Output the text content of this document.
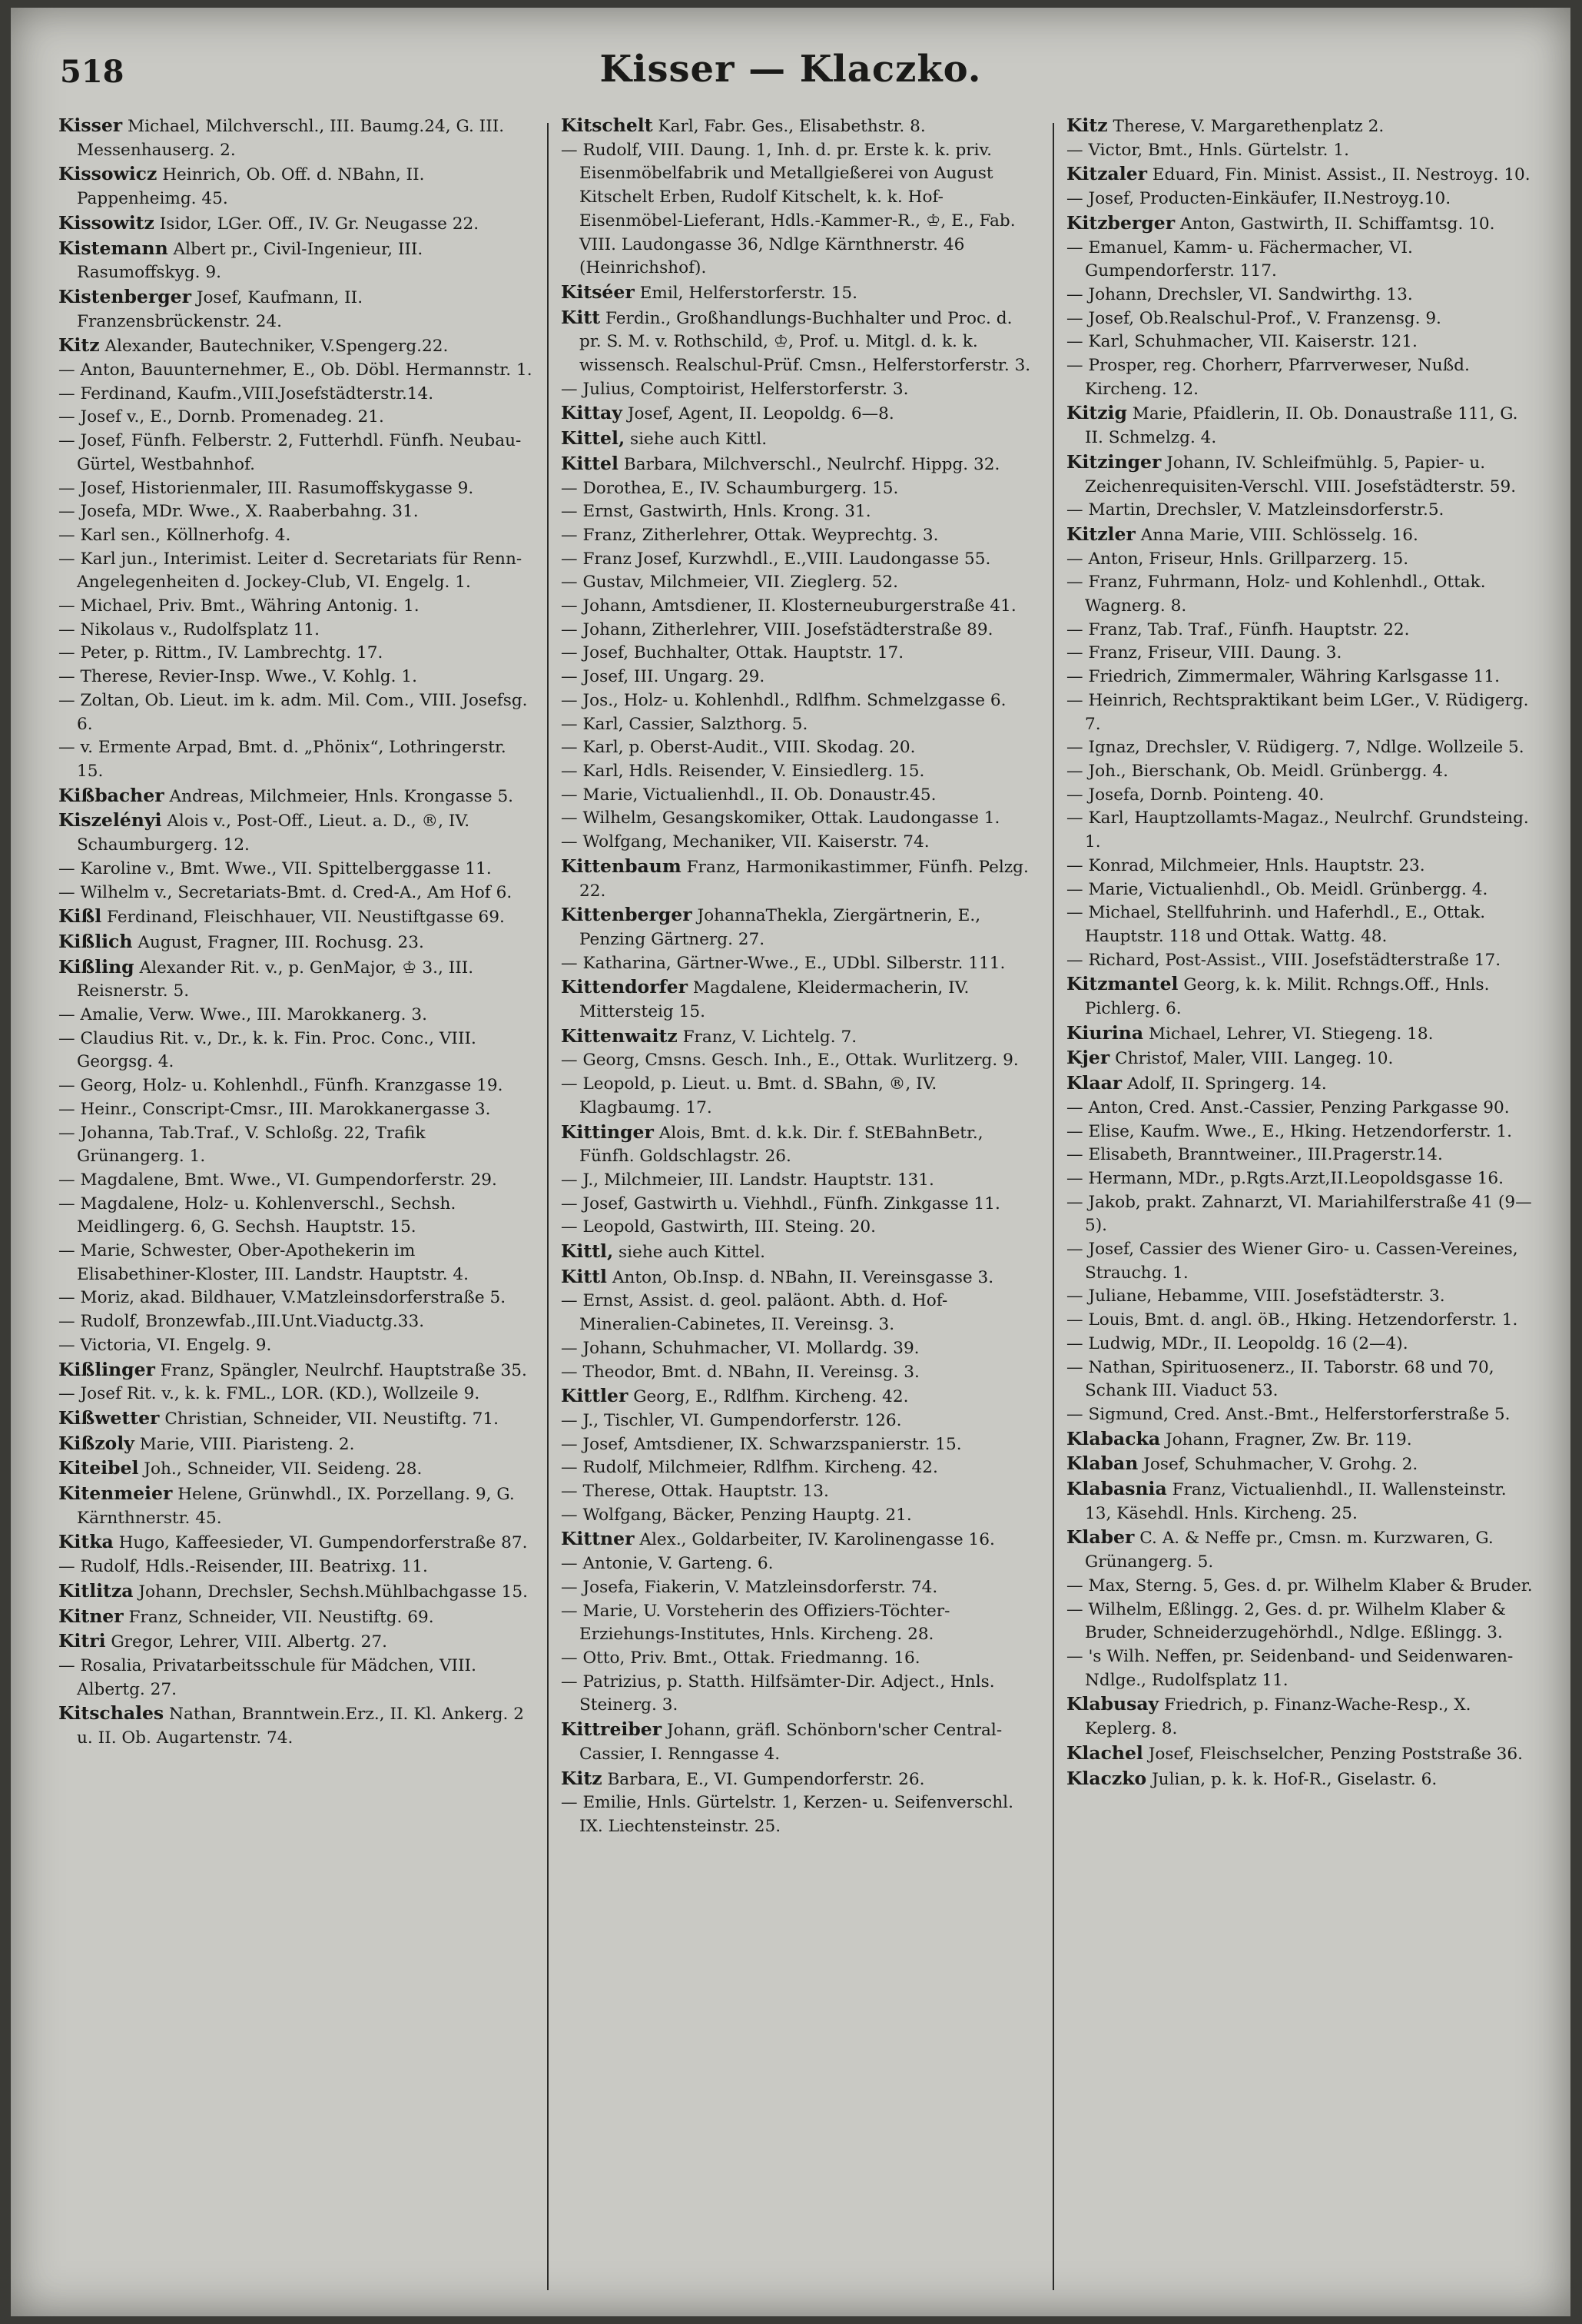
518	Kisser — Klaczko.

Kisser Michael, Milchverschl., III. Baumg.24, G. III. Messenhauserg. 2.

Kissowicz Heinrich, Ob. Off. d. NBahn, II. Pappenheimg. 45.

Kissowitz Isidor, LGer. Off., IV. Gr. Neugasse 22.

Kistemann Albert pr., Civil-Ingenieur, III. Rasumoffskyg. 9.

Kistenberger Josef, Kaufmann, II. Franzensbrückenstr. 24.

Kitz Alexander, Bautechniker, V.Spengerg.22.

— Anton, Bauunternehmer, E., Ob. Döbl. Hermannstr. 1.

— Ferdinand, Kaufm.,VIII.Josefstädterstr.14.

— Josef v., E., Dornb. Promenadeg. 21.

— Josef, Fünfh. Felberstr. 2, Futterhdl. Fünfh. Neubau-Gürtel, Westbahnhof.

— Josef, Historienmaler, III. Rasumoffskygasse 9.

— Josefa, MDr. Wwe., X. Raaberbahng. 31.

— Karl sen., Köllnerhofg. 4.

— Karl jun., Interimist. Leiter d. Secretariats für Renn-Angelegenheiten d. Jockey-Club, VI. Engelg. 1.

— Michael, Priv. Bmt., Währing Antonig. 1.

— Nikolaus v., Rudolfsplatz 11.

— Peter, p. Rittm., IV. Lambrechtg. 17.

— Therese, Revier-Insp. Wwe., V. Kohlg. 1.

— Zoltan, Ob. Lieut. im k. adm. Mil. Com., VIII. Josefsg. 6.

— v. Ermente Arpad, Bmt. d. „Phönix“, Lothringerstr. 15.

Kißbacher Andreas, Milchmeier, Hnls. Krongasse 5.

Kiszelényi Alois v., Post-Off., Lieut. a. D., ®, IV. Schaumburgerg. 12.

— Karoline v., Bmt. Wwe., VII. Spittelberggasse 11.

— Wilhelm v., Secretariats-Bmt. d. Cred-A., Am Hof 6.

Kißl Ferdinand, Fleischhauer, VII. Neustiftgasse 69.

Kißlich August, Fragner, III. Rochusg. 23.

Kißling Alexander Rit. v., p. GenMajor, ♔ 3., III. Reisnerstr. 5.

— Amalie, Verw. Wwe., III. Marokkanerg. 3.

— Claudius Rit. v., Dr., k. k. Fin. Proc. Conc., VIII. Georgsg. 4.

— Georg, Holz- u. Kohlenhdl., Fünfh. Kranzgasse 19.

— Heinr., Conscript-Cmsr., III. Marokkanergasse 3.

— Johanna, Tab.Traf., V. Schloßg. 22, Trafik Grünangerg. 1.

— Magdalene, Bmt. Wwe., VI. Gumpendorferstr. 29.

— Magdalene, Holz- u. Kohlenverschl., Sechsh. Meidlingerg. 6, G. Sechsh. Hauptstr. 15.

— Marie, Schwester, Ober-Apothekerin im Elisabethiner-Kloster, III. Landstr. Hauptstr. 4.

— Moriz, akad. Bildhauer, V.Matzleinsdorferstraße 5.

— Rudolf, Bronzewfab.,III.Unt.Viaductg.33.

— Victoria, VI. Engelg. 9.

Kißlinger Franz, Spängler, Neulrchf. Hauptstraße 35.

— Josef Rit. v., k. k. FML., LOR. (KD.), Wollzeile 9.

Kißwetter Christian, Schneider, VII. Neustiftg. 71.

Kißzoly Marie, VIII. Piaristeng. 2.

Kiteibel Joh., Schneider, VII. Seideng. 28.

Kitenmeier Helene, Grünwhdl., IX. Porzellang. 9, G. Kärnthnerstr. 45.

Kitka Hugo, Kaffeesieder, VI. Gumpendorferstraße 87.

— Rudolf, Hdls.-Reisender, III. Beatrixg. 11.

Kitlitza Johann, Drechsler, Sechsh.Mühlbachgasse 15.

Kitner Franz, Schneider, VII. Neustiftg. 69.

Kitri Gregor, Lehrer, VIII. Albertg. 27.

— Rosalia, Privatarbeitsschule für Mädchen, VIII. Albertg. 27.

Kitschales Nathan, Branntwein.Erz., II. Kl. Ankerg. 2 u. II. Ob. Augartenstr. 74.

Kitschelt Karl, Fabr. Ges., Elisabethstr. 8.

— Rudolf, VIII. Daung. 1, Inh. d. pr. Erste k. k. priv. Eisenmöbelfabrik und Metallgießerei von August Kitschelt Erben, Rudolf Kitschelt, k. k. Hof-Eisenmöbel-Lieferant, Hdls.-Kammer-R., ♔, E., Fab. VIII. Laudongasse 36, Ndlge Kärnthnerstr. 46 (Heinrichshof).

Kitséer Emil, Helferstorferstr. 15.

Kitt Ferdin., Großhandlungs-Buchhalter und Proc. d. pr. S. M. v. Rothschild, ♔, Prof. u. Mitgl. d. k. k. wissensch. Realschul-Prüf. Cmsn., Helferstorferstr. 3.

— Julius, Comptoirist, Helferstorferstr. 3.

Kittay Josef, Agent, II. Leopoldg. 6—8.

Kittel, siehe auch Kittl.

Kittel Barbara, Milchverschl., Neulrchf. Hippg. 32.

— Dorothea, E., IV. Schaumburgerg. 15.

— Ernst, Gastwirth, Hnls. Krong. 31.

— Franz, Zitherlehrer, Ottak. Weyprechtg. 3.

— Franz Josef, Kurzwhdl., E.,VIII. Laudongasse 55.

— Gustav, Milchmeier, VII. Zieglerg. 52.

— Johann, Amtsdiener, II. Klosterneuburgerstraße 41.

— Johann, Zitherlehrer, VIII. Josefstädterstraße 89.

— Josef, Buchhalter, Ottak. Hauptstr. 17.

— Josef, III. Ungarg. 29.

— Jos., Holz- u. Kohlenhdl., Rdlfhm. Schmelzgasse 6.

— Karl, Cassier, Salzthorg. 5.

— Karl, p. Oberst-Audit., VIII. Skodag. 20.

— Karl, Hdls. Reisender, V. Einsiedlerg. 15.

— Marie, Victualienhdl., II. Ob. Donaustr.45.

— Wilhelm, Gesangskomiker, Ottak. Laudongasse 1.

— Wolfgang, Mechaniker, VII. Kaiserstr. 74.

Kittenbaum Franz, Harmonikastimmer, Fünfh. Pelzg. 22.

Kittenberger JohannaThekla, Ziergärtnerin, E., Penzing Gärtnerg. 27.

— Katharina, Gärtner-Wwe., E., UDbl. Silberstr. 111.

Kittendorfer Magdalene, Kleidermacherin, IV. Mittersteig 15.

Kittenwaitz Franz, V. Lichtelg. 7.

— Georg, Cmsns. Gesch. Inh., E., Ottak. Wurlitzerg. 9.

— Leopold, p. Lieut. u. Bmt. d. SBahn, ®, IV. Klagbaumg. 17.

Kittinger Alois, Bmt. d. k.k. Dir. f. StEBahnBetr., Fünfh. Goldschlagstr. 26.

— J., Milchmeier, III. Landstr. Hauptstr. 131.

— Josef, Gastwirth u. Viehhdl., Fünfh. Zinkgasse 11.

— Leopold, Gastwirth, III. Steing. 20.

Kittl, siehe auch Kittel.

Kittl Anton, Ob.Insp. d. NBahn, II. Vereinsgasse 3.

— Ernst, Assist. d. geol. paläont. Abth. d. Hof-Mineralien-Cabinetes, II. Vereinsg. 3.

— Johann, Schuhmacher, VI. Mollardg. 39.

— Theodor, Bmt. d. NBahn, II. Vereinsg. 3.

Kittler Georg, E., Rdlfhm. Kircheng. 42.

— J., Tischler, VI. Gumpendorferstr. 126.

— Josef, Amtsdiener, IX. Schwarzspanierstr. 15.

— Rudolf, Milchmeier, Rdlfhm. Kircheng. 42.

— Therese, Ottak. Hauptstr. 13.

— Wolfgang, Bäcker, Penzing Hauptg. 21.

Kittner Alex., Goldarbeiter, IV. Karolinengasse 16.

— Antonie, V. Garteng. 6.

— Josefa, Fiakerin, V. Matzleinsdorferstr. 74.

— Marie, U. Vorsteherin des Offiziers-Töchter-Erziehungs-Institutes, Hnls. Kircheng. 28.

— Otto, Priv. Bmt., Ottak. Friedmanng. 16.

— Patrizius, p. Statth. Hilfsämter-Dir. Adject., Hnls. Steinerg. 3.

Kittreiber Johann, gräfl. Schönborn'scher Central-Cassier, I. Renngasse 4.

Kitz Barbara, E., VI. Gumpendorferstr. 26.

— Emilie, Hnls. Gürtelstr. 1, Kerzen- u. Seifenverschl. IX. Liechtensteinstr. 25.

Kitz Therese, V. Margarethenplatz 2.

— Victor, Bmt., Hnls. Gürtelstr. 1.

Kitzaler Eduard, Fin. Minist. Assist., II. Nestroyg. 10.

— Josef, Producten-Einkäufer, II.Nestroyg.10.

Kitzberger Anton, Gastwirth, II. Schiffamtsg. 10.

— Emanuel, Kamm- u. Fächermacher, VI. Gumpendorferstr. 117.

— Johann, Drechsler, VI. Sandwirthg. 13.

— Josef, Ob.Realschul-Prof., V. Franzensg. 9.

— Karl, Schuhmacher, VII. Kaiserstr. 121.

— Prosper, reg. Chorherr, Pfarrverweser, Nußd. Kircheng. 12.

Kitzig Marie, Pfaidlerin, II. Ob. Donaustraße 111, G. II. Schmelzg. 4.

Kitzinger Johann, IV. Schleifmühlg. 5, Papier- u. Zeichenrequisiten-Verschl. VIII. Josefstädterstr. 59.

— Martin, Drechsler, V. Matzleinsdorferstr.5.

Kitzler Anna Marie, VIII. Schlösselg. 16.

— Anton, Friseur, Hnls. Grillparzerg. 15.

— Franz, Fuhrmann, Holz- und Kohlenhdl., Ottak. Wagnerg. 8.

— Franz, Tab. Traf., Fünfh. Hauptstr. 22.

— Franz, Friseur, VIII. Daung. 3.

— Friedrich, Zimmermaler, Währing Karlsgasse 11.

— Heinrich, Rechtspraktikant beim LGer., V. Rüdigerg. 7.

— Ignaz, Drechsler, V. Rüdigerg. 7, Ndlge. Wollzeile 5.

— Joh., Bierschank, Ob. Meidl. Grünbergg. 4.

— Josefa, Dornb. Pointeng. 40.

— Karl, Hauptzollamts-Magaz., Neulrchf. Grundsteing. 1.

— Konrad, Milchmeier, Hnls. Hauptstr. 23.

— Marie, Victualienhdl., Ob. Meidl. Grünbergg. 4.

— Michael, Stellfuhrinh. und Haferhdl., E., Ottak. Hauptstr. 118 und Ottak. Wattg. 48.

— Richard, Post-Assist., VIII. Josefstädterstraße 17.

Kitzmantel Georg, k. k. Milit. Rchngs.Off., Hnls. Pichlerg. 6.

Kiurina Michael, Lehrer, VI. Stiegeng. 18.

Kjer Christof, Maler, VIII. Langeg. 10.

Klaar Adolf, II. Springerg. 14.

— Anton, Cred. Anst.-Cassier, Penzing Parkgasse 90.

— Elise, Kaufm. Wwe., E., Hking. Hetzendorferstr. 1.

— Elisabeth, Branntweiner., III.Pragerstr.14.

— Hermann, MDr., p.Rgts.Arzt,II.Leopoldsgasse 16.

— Jakob, prakt. Zahnarzt, VI. Mariahilferstraße 41 (9—5).

— Josef, Cassier des Wiener Giro- u. Cassen-Vereines, Strauchg. 1.

— Juliane, Hebamme, VIII. Josefstädterstr. 3.

— Louis, Bmt. d. angl. öB., Hking. Hetzendorferstr. 1.

— Ludwig, MDr., II. Leopoldg. 16 (2—4).

— Nathan, Spirituosenerz., II. Taborstr. 68 und 70, Schank III. Viaduct 53.

— Sigmund, Cred. Anst.-Bmt., Helferstorferstraße 5.

Klabacka Johann, Fragner, Zw. Br. 119.

Klaban Josef, Schuhmacher, V. Grohg. 2.

Klabasnia Franz, Victualienhdl., II. Wallensteinstr. 13, Käsehdl. Hnls. Kircheng. 25.

Klaber C. A. & Neffe pr., Cmsn. m. Kurzwaren, G. Grünangerg. 5.

— Max, Sterng. 5, Ges. d. pr. Wilhelm Klaber & Bruder.

— Wilhelm, Eßlingg. 2, Ges. d. pr. Wilhelm Klaber & Bruder, Schneiderzugehörhdl., Ndlge. Eßlingg. 3.

— 's Wilh. Neffen, pr. Seidenband- und Seidenwaren-Ndlge., Rudolfsplatz 11.

Klabusay Friedrich, p. Finanz-Wache-Resp., X. Keplerg. 8.

Klachel Josef, Fleischselcher, Penzing Poststraße 36.

Klaczko Julian, p. k. k. Hof-R., Giselastr. 6.
